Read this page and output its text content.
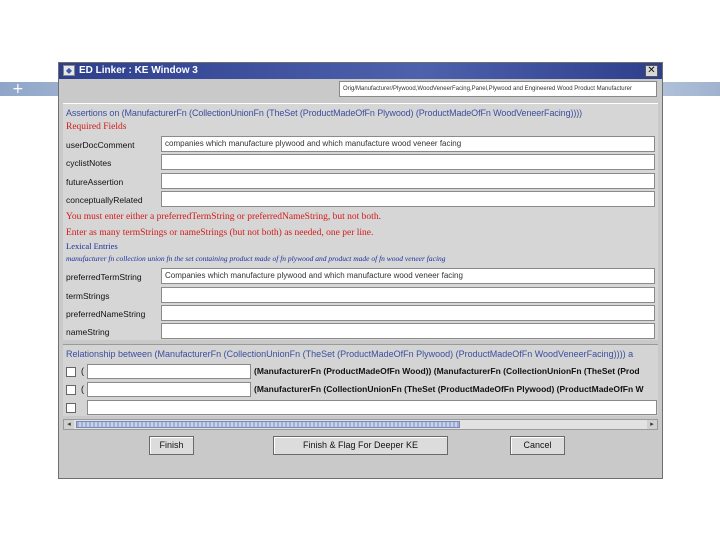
+
◆ ED Linker : KE Window 3	✕
Orig/Manufacturer/Plywood,WoodVeneerFacing,Panel,Plywood and Engineered Wood Product Manufacturer
Assertions on (ManufacturerFn (CollectionUnionFn (TheSet (ProductMadeOfFn Plywood) (ProductMadeOfFn WoodVeneerFacing))))
Required Fields
userDocComment	companies which manufacture plywood and which manufacture wood veneer facing
cyclistNotes
futureAssertion
conceptuallyRelated
You must enter either a preferredTermString or preferredNameString, but not both.
Enter as many termStrings or nameStrings (but not both) as needed, one per line.
Lexical Entries
manufacturer fn collection union fn the set containing product made of fn plywood and product made of fn wood veneer facing
preferredTermString	Companies which manufacture plywood and which manufacture wood veneer facing
termStrings
preferredNameString
nameString
Relationship between (ManufacturerFn (CollectionUnionFn (TheSet (ProductMadeOfFn Plywood) (ProductMadeOfFn WoodVeneerFacing)))) a
(	(ManufacturerFn (ProductMadeOfFn Wood)) (ManufacturerFn (CollectionUnionFn (TheSet (Prod
(	(ManufacturerFn (CollectionUnionFn (TheSet (ProductMadeOfFn Plywood) (ProductMadeOfFn W
◂	▸
Finish	Finish & Flag For Deeper KE	Cancel
